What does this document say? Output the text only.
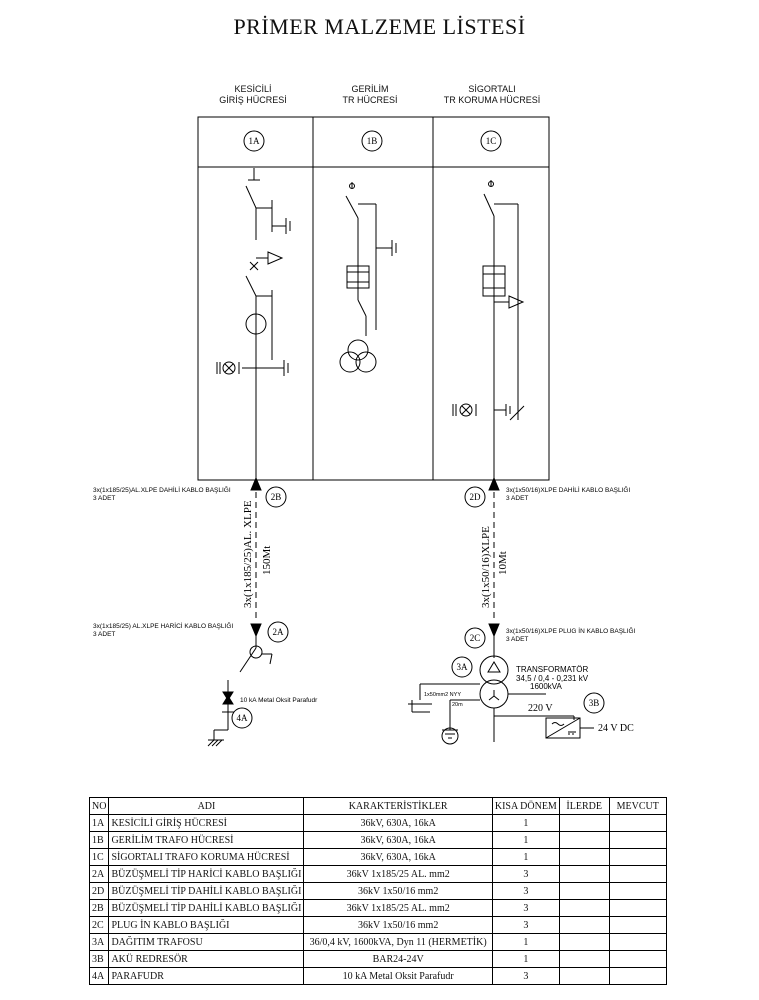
PRİMER MALZEME LİSTESİ
KESİCİLİ
GİRİŞ HÜCRESİ
GERİLİM
TR HÜCRESİ
SİGORTALI
TR KORUMA HÜCRESİ
1A	1B	1C
2B
2A
4A
2D
2C
3A
3B
3x(1x185/25)AL.XLPE DAHİLİ KABLO BAŞLIĞI
3 ADET
3x(1x185/25) AL.XLPE HARİCİ KABLO BAŞLIĞI
3 ADET
10 kA Metal Oksit Parafudr
3x(1x185/25)AL. XLPE 150Mt
3x(1x50/16)XLPE DAHİLİ KABLO BAŞLIĞI
3 ADET
3x(1x50/16)XLPE PLUG İN KABLO BAŞLIĞI
3 ADET
1x50mm2 NYY
20m
TRANSFORMATÖR
34,5 / 0,4 - 0,231 kV
1600kVA
220 V
24 V DC
3x(1x50/16)XLPE 10Mt
NO	ADI	KARAKTERİSTİKLER	KISA DÖNEM	İLERDE	MEVCUT
1A	KESİCİLİ GİRİŞ HÜCRESİ	36kV, 630A, 16kA	1		
1B	GERİLİM TRAFO HÜCRESİ	36kV, 630A, 16kA	1		
1C	SİGORTALI TRAFO KORUMA HÜCRESİ	36kV, 630A, 16kA	1		
2A	BÜZÜŞMELİ TİP HARİCİ KABLO BAŞLIĞI	36kV 1x185/25 AL. mm2	3		
2D	BÜZÜŞMELİ TİP DAHİLİ KABLO BAŞLIĞI	36kV 1x50/16 mm2	3		
2B	BÜZÜŞMELİ TİP DAHİLİ KABLO BAŞLIĞI	36kV 1x185/25 AL. mm2	3		
2C	PLUG İN KABLO BAŞLIĞI	36kV 1x50/16 mm2	3		
3A	DAĞITIM TRAFOSU	36/0,4 kV, 1600kVA, Dyn 11 (HERMETİK)	1		
3B	AKÜ REDRESÖR	BAR24-24V	1		
4A	PARAFUDR	10 kA Metal Oksit Parafudr	3		
